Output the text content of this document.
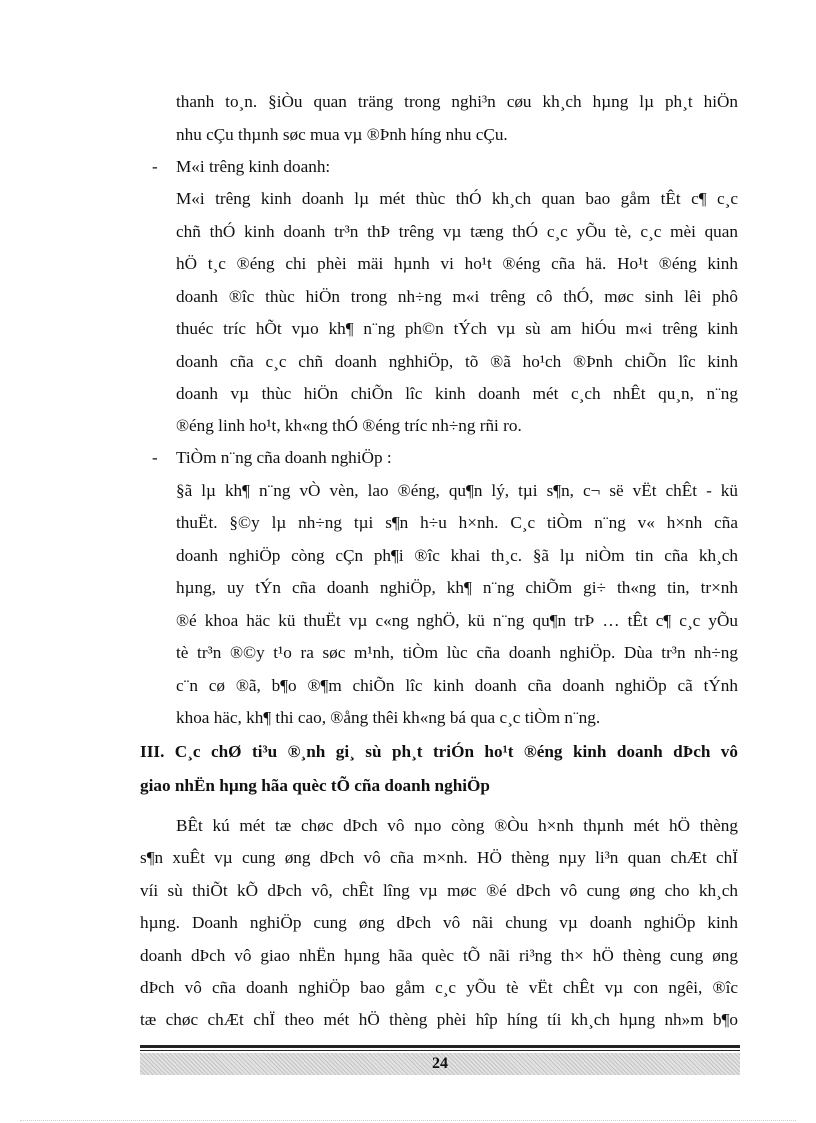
thanh to¸n. §iÒu quan träng trong nghi³n cøu kh¸ch hµng lµ ph¸t hiÖn
nhu cÇu thµnh søc mua vµ ®Þnh híng nhu cÇu.
- M«i trêng kinh doanh:
M«i trêng kinh doanh lµ mét thùc thÓ kh¸ch quan bao gåm tÊt c¶ c¸c
chñ thÓ kinh doanh tr³n thÞ trêng vµ tæng thÓ c¸c yÕu tè, c¸c mèi quan
hÖ t¸c ®éng chi phèi mäi hµnh vi ho¹t ®éng cña hä. Ho¹t ®éng kinh
doanh ®îc thùc hiÖn trong nh÷ng m«i trêng cô thÓ, møc sinh lêi phô
thuéc tríc hÕt vµo kh¶ n¨ng ph©n tÝch vµ sù am hiÓu m«i trêng kinh
doanh cña c¸c chñ doanh nghhiÖp, tõ ®ã ho¹ch ®Þnh chiÕn lîc kinh
doanh vµ thùc hiÖn chiÕn lîc kinh doanh mét c¸ch nhÊt qu¸n, n¨ng
®éng linh ho¹t, kh«ng thÓ ®éng tríc nh÷ng rñi ro.
- TiÒm n¨ng cña doanh nghiÖp :
§ã lµ kh¶ n¨ng vÒ vèn, lao ®éng, qu¶n lý, tµi s¶n, c¬ së vËt chÊt - kü
thuËt. §©y lµ nh÷ng tµi s¶n h÷u h×nh. C¸c tiÒm n¨ng v« h×nh cña
doanh nghiÖp còng cÇn ph¶i ®îc khai th¸c. §ã lµ niÒm tin cña kh¸ch
hµng, uy tÝn cña doanh nghiÖp, kh¶ n¨ng chiÕm gi÷ th«ng tin, tr×nh
®é khoa häc kü thuËt vµ c«ng nghÖ, kü n¨ng qu¶n trÞ … tÊt c¶ c¸c yÕu
tè tr³n ®©y t¹o ra søc m¹nh, tiÒm lùc cña doanh nghiÖp. Dùa tr³n nh÷ng
c¨n cø ®ã, b¶o ®¶m chiÕn lîc kinh doanh cña doanh nghiÖp cã tÝnh
khoa häc, kh¶ thi cao, ®ång thêi kh«ng bá qua c¸c tiÒm n¨ng.
III. C¸c chØ ti³u ®¸nh gi¸ sù ph¸t triÓn ho¹t ®éng kinh doanh dÞch vô
giao nhËn hµng hãa quèc tÕ cña doanh nghiÖp
BÊt kú mét tæ chøc dÞch vô nµo còng ®Òu h×nh thµnh mét hÖ thèng
s¶n xuÊt vµ cung øng dÞch vô cña m×nh. HÖ thèng nµy li³n quan chÆt chÏ
víi sù thiÕt kÕ dÞch vô, chÊt lîng vµ møc ®é dÞch vô cung øng cho kh¸ch
hµng. Doanh nghiÖp cung øng dÞch vô nãi chung vµ doanh nghiÖp kinh
doanh dÞch vô giao nhËn hµng hãa quèc tÕ nãi ri³ng th× hÖ thèng cung øng
dÞch vô cña doanh nghiÖp bao gåm c¸c yÕu tè vËt chÊt vµ con ngêi, ®îc
tæ chøc chÆt chÏ theo mét hÖ thèng phèi hîp híng tíi kh¸ch hµng nh»m b¶o
24
